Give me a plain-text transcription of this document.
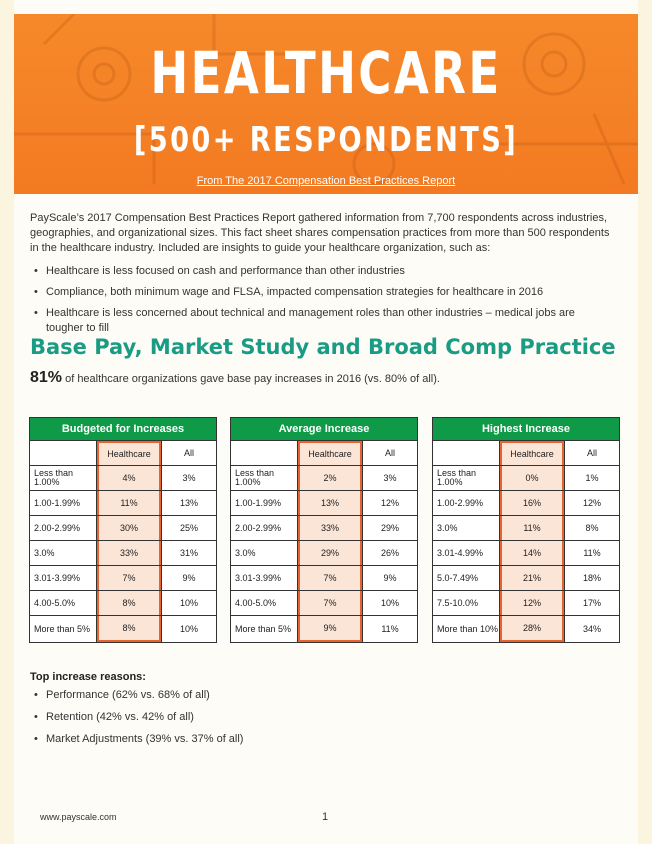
HEALTHCARE
[500+ RESPONDENTS]
From The 2017 Compensation Best Practices Report
PayScale’s 2017 Compensation Best Practices Report gathered information from 7,700 respondents across industries, geographies, and organizational sizes. This fact sheet shares compensation practices from more than 500 respondents in the healthcare industry. Included are insights to guide your healthcare organization, such as:
• Healthcare is less focused on cash and performance than other industries
• Compliance, both minimum wage and FLSA, impacted compensation strategies for healthcare in 2016
• Healthcare is less concerned about technical and management roles than other industries – medical jobs are tougher to fill
Base Pay, Market Study and Broad Comp Practice
81% of healthcare organizations gave base pay increases in 2016 (vs. 80% of all).
Budgeted for Increases
Healthcare	All
Less than 1.00%	4%	3%
1.00-1.99%	11%	13%
2.00-2.99%	30%	25%
3.0%	33%	31%
3.01-3.99%	7%	9%
4.00-5.0%	8%	10%
More than 5%	8%	10%
Average Increase
Healthcare	All
Less than 1.00%	2%	3%
1.00-1.99%	13%	12%
2.00-2.99%	33%	29%
3.0%	29%	26%
3.01-3.99%	7%	9%
4.00-5.0%	7%	10%
More than 5%	9%	11%
Highest Increase
Healthcare	All
Less than 1.00%	0%	1%
1.00-2.99%	16%	12%
3.0%	11%	8%
3.01-4.99%	14%	11%
5.0-7.49%	21%	18%
7.5-10.0%	12%	17%
More than 10%	28%	34%
Top increase reasons:
• Performance (62% vs. 68% of all)
• Retention (42% vs. 42% of all)
• Market Adjustments (39% vs. 37% of all)
www.payscale.com	1
